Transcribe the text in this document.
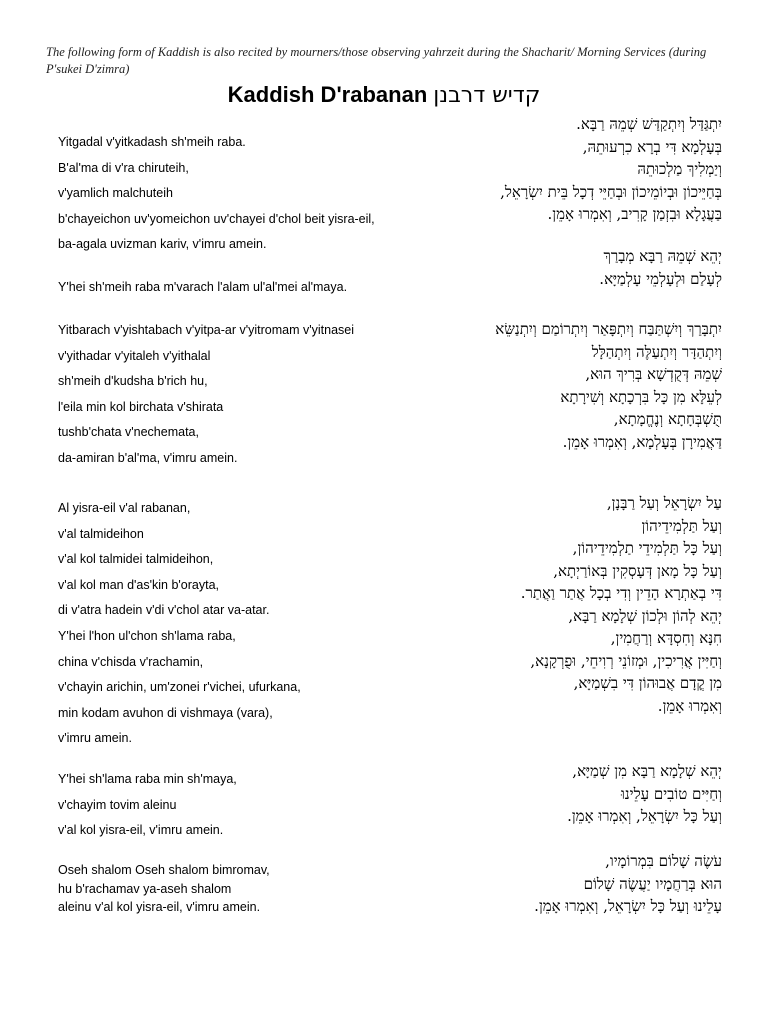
The following form of Kaddish is also recited by mourners/those observing yahrzeit during the Shacharit/ Morning Services (during P'sukei D'zimra)
Kaddish D'rabanan קדיש דרבנן
Yitgadal v'yitkadash sh'meih raba.
B'al'ma di v'ra chiruteih,
v'yamlich malchuteih
b'chayeichon uv'yomeichon uv'chayei d'chol beit yisra-eil,
ba-agala uvizman kariv, v'imru amein.
יִתְגַּדַּל וְיִתְקַדַּשׁ שְׁמֵהּ רַבָּא.
בְּעָלְמָא דִּי בְרָא כִרְעוּתֵהּ,
וְיַמְלִיךְ מַלְכוּתֵהּ
בְּחַיֵּיכוֹן וּבְיוֹמֵיכוֹן וּבְחַיֵּי דְכָל בֵּית יִשְׂרָאֵל,
בַּעֲגָלָא וּבִזְמַן קָרִיב, וְאִמְרוּ אָמֵן.
Y'hei sh'meih raba m'varach l'alam ul'al'mei al'maya.
יְהֵא שְׁמֵהּ רַבָּא מְבָרַךְ
לְעָלַם וּלְעָלְמֵי עָלְמַיָּא.
Yitbarach v'yishtabach v'yitpa-ar v'yitromam v'yitnasei
v'yithadar v'yitaleh v'yithalal
sh'meih d'kudsha b'rich hu,
l'eila min kol birchata v'shirata
tushb'chata v'nechemata,
da-amiran b'al'ma, v'imru amein.
יִתְבָּרַךְ וְיִשְׁתַּבַּח וְיִתְפָּאַר וְיִתְרוֹמַם וְיִתְנַשֵּׂא
וְיִתְהַדָּר וְיִתְעַלֶּה וְיִתְהַלָּל
שְׁמֵהּ דְּקֻדְשָׁא בְּרִיךְ הוּא,
לְעֵלָּא מִן כָּל בִּרְכָתָא וְשִׁירָתָא
תֻּשְׁבְּחָתָא וְנֶחֱמָתָא,
דַּאֲמִירָן בְּעָלְמָא, וְאִמְרוּ אָמֵן.
Al yisra-eil v'al rabanan,
v'al talmideihon
v'al kol talmidei talmideihon,
v'al kol man d'as'kin b'orayta,
di v'atra hadein v'di v'chol atar va-atar.
Y'hei l'hon ul'chon sh'lama raba,
china v'chisda v'rachamin,
v'chayin arichin, um'zonei r'vichei, ufurkana,
min kodam avuhon di vishmaya (vara),
v'imru amein.
עַל יִשְׂרָאֵל וְעַל רַבָּנָן,
וְעַל תַּלְמִידֵיהוֹן
וְעַל כָּל תַּלְמִידֵי תַלְמִידֵיהוֹן,
וְעַל כָּל מָאן דְּעָסְקִין בְּאוֹרַיְתָא,
דִּי בְאַתְרָא הָדֵין וְדִי בְכָל אֲתַר וַאֲתַר.
יְהֵא לְהוֹן וּלְכוֹן שְׁלָמָא רַבָּא,
חִנָּא וְחִסְדָּא וְרַחֲמִין,
וְחַיִּין אֲרִיכִין, וּמְזוֹנֵי רְוִיחֵי, וּפֻרְקָנָא,
מִן קֳדָם אֲבוּהוֹן דִּי בִשְׁמַיָּא,
וְאִמְרוּ אָמֵן.
Y'hei sh'lama raba min sh'maya,
v'chayim tovim aleinu
v'al kol yisra-eil, v'imru amein.
יְהֵא שְׁלָמָא רַבָּא מִן שְׁמַיָּא,
וְחַיִּים טוֹבִים עָלֵינוּ
וְעַל כָּל יִשְׂרָאֵל, וְאִמְרוּ אָמֵן.
Oseh shalom Oseh shalom bimromav,
hu b'rachamav ya-aseh shalom
aleinu v'al kol yisra-eil, v'imru amein.
עֹשֶׂה שָׁלוֹם בִּמְרוֹמָיו,
הוּא בְּרַחֲמָיו יַעֲשֶׂה שָׁלוֹם
עָלֵינוּ וְעַל כָּל יִשְׂרָאֵל, וְאִמְרוּ אָמֵן.
